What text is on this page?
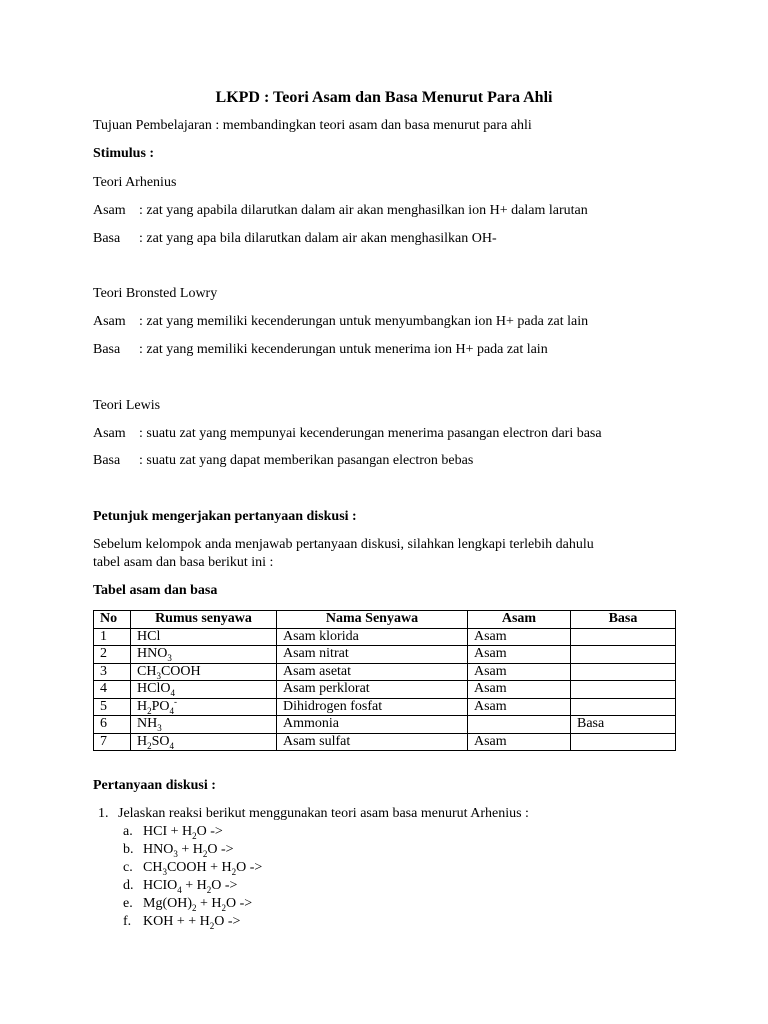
LKPD : Teori Asam dan Basa Menurut Para Ahli
Tujuan Pembelajaran : membandingkan teori asam dan basa menurut para ahli
Stimulus :
Teori Arhenius
Asam : zat yang apabila dilarutkan dalam air akan menghasilkan ion H+ dalam larutan
Basa : zat yang apa bila dilarutkan dalam air akan menghasilkan OH-
Teori Bronsted Lowry
Asam : zat yang memiliki kecenderungan untuk menyumbangkan ion H+ pada zat lain
Basa : zat yang memiliki kecenderungan untuk menerima ion H+ pada zat lain
Teori Lewis
Asam : suatu zat yang mempunyai kecenderungan menerima pasangan electron dari basa
Basa : suatu zat yang dapat memberikan pasangan electron bebas
Petunjuk mengerjakan pertanyaan diskusi :
Sebelum kelompok anda menjawab pertanyaan diskusi, silahkan lengkapi terlebih dahulu
tabel asam dan basa berikut ini :
Tabel asam dan basa
No	Rumus senyawa	Nama Senyawa	Asam	Basa
1	HCl	Asam klorida	Asam	
2	$HNO_3$	Asam nitrat	Asam	
3	$CH_3COOH$	Asam asetat	Asam	
4	HClO$_4$	Asam perklorat	Asam	
5	$H_2PO_4^-$	Dihidrogen fosfat	Asam	
6	$NH_3$	Ammonia		Basa
7	$H_2SO_4$	Asam sulfat	Asam	
Pertanyaan diskusi :
1. Jelaskan reaksi berikut menggunakan teori asam basa menurut Arhenius :
a. HCI + $H_2O$ ->
b. $HNO_3 + H_2O$ ->
c. $CH_3COOH + H_2O$ ->
d. $HCIO_4 + H_2O$ ->
e. $Mg(OH)_2 + H_2O$ ->
f. KOH + + $H_2O$ ->
